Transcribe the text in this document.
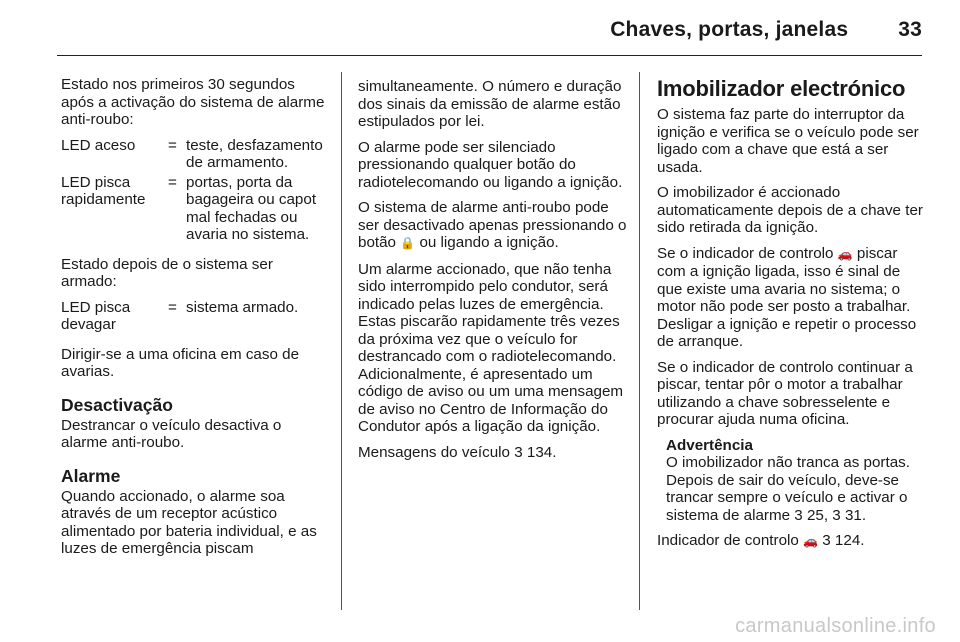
Chaves, portas, janelas 33

Estado nos primeiros 30 segundos após a activação do sistema de alarme anti-roubo:

LED aceso	=	teste, desfazamento de armamento.
LED pisca rapidamente	=	portas, porta da bagageira ou capot mal fechadas ou avaria no sistema.

Estado depois de o sistema ser armado:

LED pisca devagar	=	sistema armado.

Dirigir-se a uma oficina em caso de avarias.

Desactivação

Destrancar o veículo desactiva o alarme anti-roubo.

Alarme

Quando accionado, o alarme soa através de um receptor acústico alimentado por bateria individual, e as luzes de emergência piscam

simultaneamente. O número e duração dos sinais da emissão de alarme estão estipulados por lei.

O alarme pode ser silenciado pressionando qualquer botão do radiotelecomando ou ligando a ignição.

O sistema de alarme anti-roubo pode ser desactivado apenas pressionando o botão 🔒 ou ligando a ignição.

Um alarme accionado, que não tenha sido interrompido pelo condutor, será indicado pelas luzes de emergência. Estas piscarão rapidamente três vezes da próxima vez que o veículo for destrancado com o radiotelecomando. Adicionalmente, é apresentado um código de aviso ou um uma mensagem de aviso no Centro de Informação do Condutor após a ligação da ignição.

Mensagens do veículo 3 134.

Imobilizador electrónico

O sistema faz parte do interruptor da ignição e verifica se o veículo pode ser ligado com a chave que está a ser usada.

O imobilizador é accionado automaticamente depois de a chave ter sido retirada da ignição.

Se o indicador de controlo 🚗 piscar com a ignição ligada, isso é sinal de que existe uma avaria no sistema; o motor não pode ser posto a trabalhar. Desligar a ignição e repetir o processo de arranque.

Se o indicador de controlo continuar a piscar, tentar pôr o motor a trabalhar utilizando a chave sobresselente e procurar ajuda numa oficina.

Advertência

O imobilizador não tranca as portas. Depois de sair do veículo, deve-se trancar sempre o veículo e activar o sistema de alarme 3 25, 3 31.

Indicador de controlo 🚗 3 124.

carmanualsonline.info
